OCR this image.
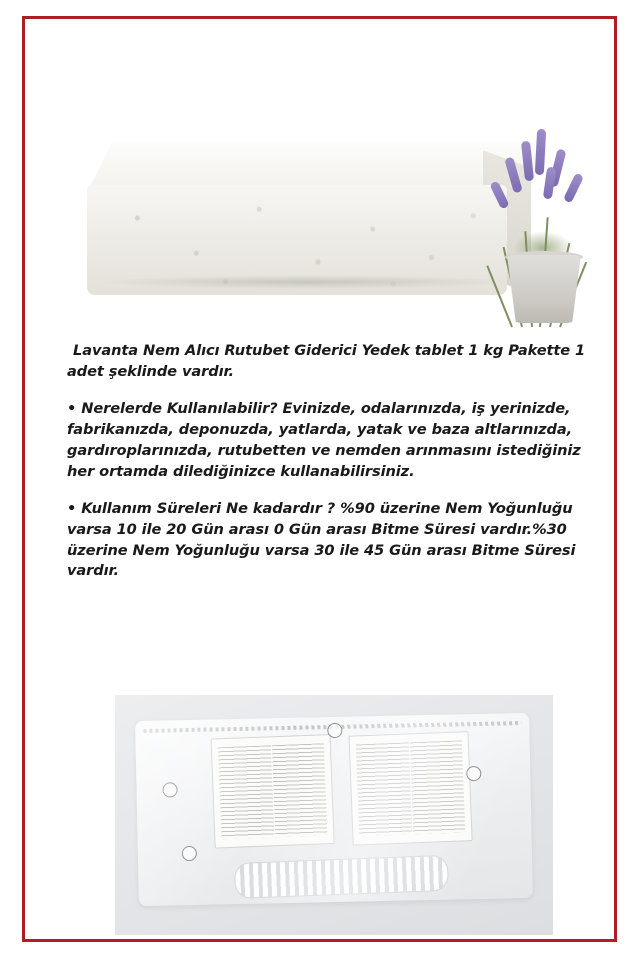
Lavanta Nem Alıcı Rutubet Giderici Yedek tablet 1 kg Pakette 1 adet şeklinde vardır.

• Nerelerde Kullanılabilir? Evinizde, odalarınızda, iş yerinizde, fabrikanızda, deponuzda, yatlarda, yatak ve baza altlarınızda, gardıroplarınızda, rutubetten ve nemden arınmasını istediğiniz her ortamda dilediğinizce kullanabilirsiniz.

• Kullanım Süreleri Ne kadardır ? %90 üzerine Nem Yoğunluğu varsa 10 ile 20 Gün arası 0 Gün arası Bitme Süresi vardır.%30 üzerine Nem Yoğunluğu varsa 30 ile 45 Gün arası Bitme Süresi vardır.
